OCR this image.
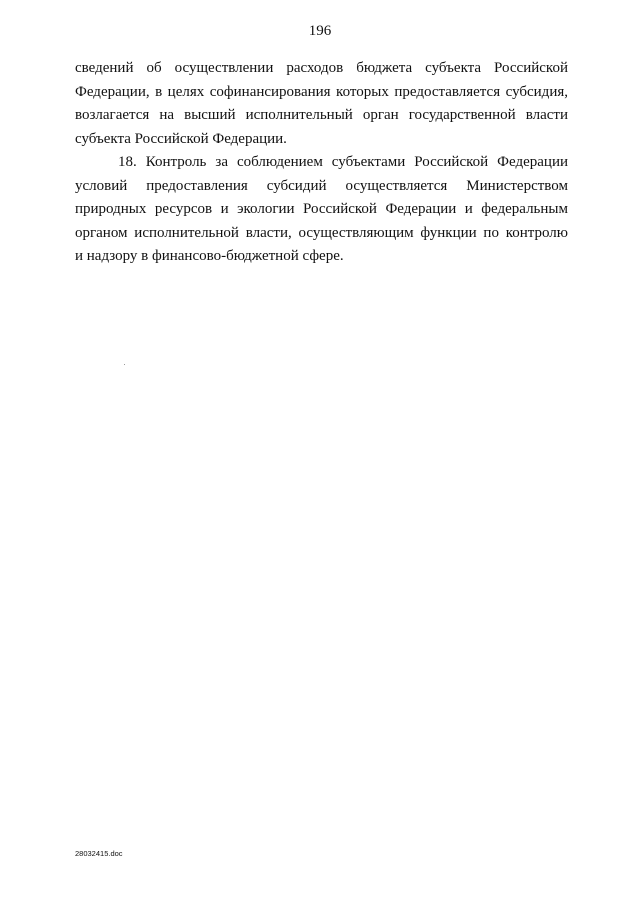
196
сведений об осуществлении расходов бюджета субъекта Российской
Федерации, в целях софинансирования которых предоставляется субсидия,
возлагается на высший исполнительный орган государственной власти
субъекта Российской Федерации.
18. Контроль за соблюдением субъектами Российской Федерации
условий предоставления субсидий осуществляется Министерством
природных ресурсов и экологии Российской Федерации и федеральным
органом исполнительной власти, осуществляющим функции по контролю
и надзору в финансово-бюджетной сфере.
28032415.doc
